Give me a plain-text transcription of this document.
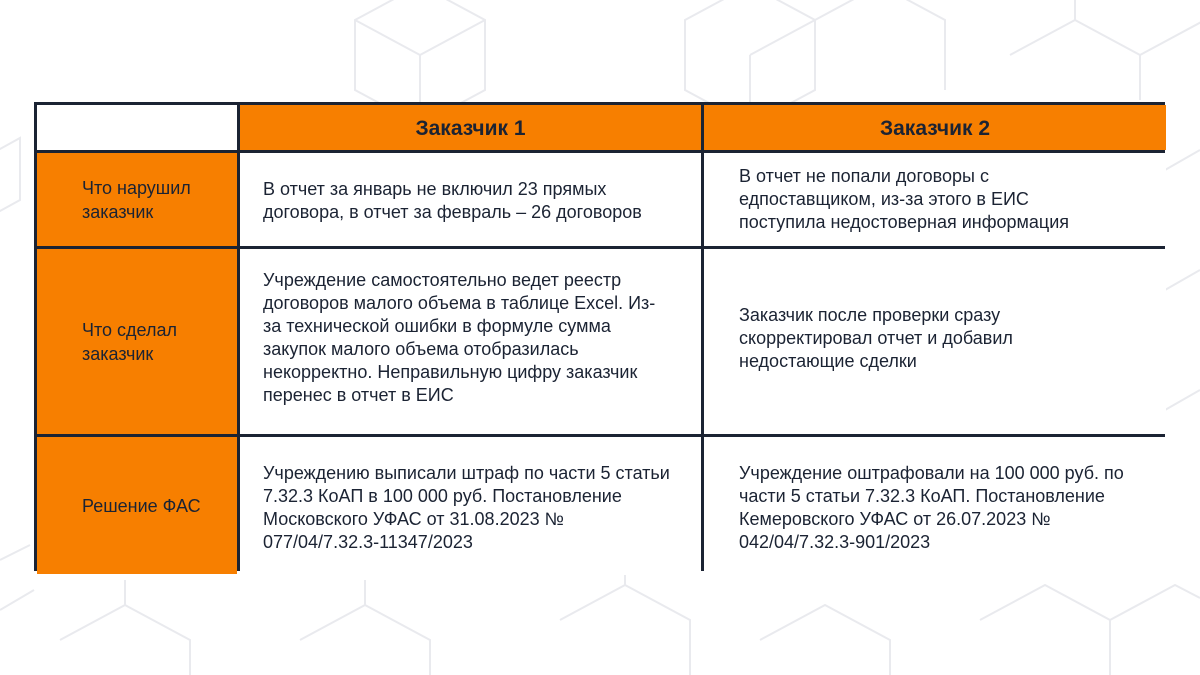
Заказчик 1	Заказчик 2
Что нарушил заказчик
В отчет за январь не включил 23 прямых договора, в отчет за февраль – 26 договоров
В отчет не попали договоры с едпоставщиком, из-за этого в ЕИС поступила недостоверная информация
Что сделал заказчик
Учреждение самостоятельно ведет реестр договоров малого объема в таблице Excel. Из-за технической ошибки в формуле сумма закупок малого объема отобразилась некорректно. Неправильную цифру заказчик перенес в отчет в ЕИС
Заказчик после проверки сразу скорректировал отчет и добавил недостающие сделки
Решение ФАС
Учреждению выписали штраф по части 5 статьи 7.32.3 КоАП в 100 000 руб. Постановление Московского УФАС от 31.08.2023 № 077/04/7.32.3-11347/2023
Учреждение оштрафовали на 100 000 руб. по части 5 статьи 7.32.3 КоАП. Постановление Кемеровского УФАС от 26.07.2023 № 042/04/7.32.3-901/2023
